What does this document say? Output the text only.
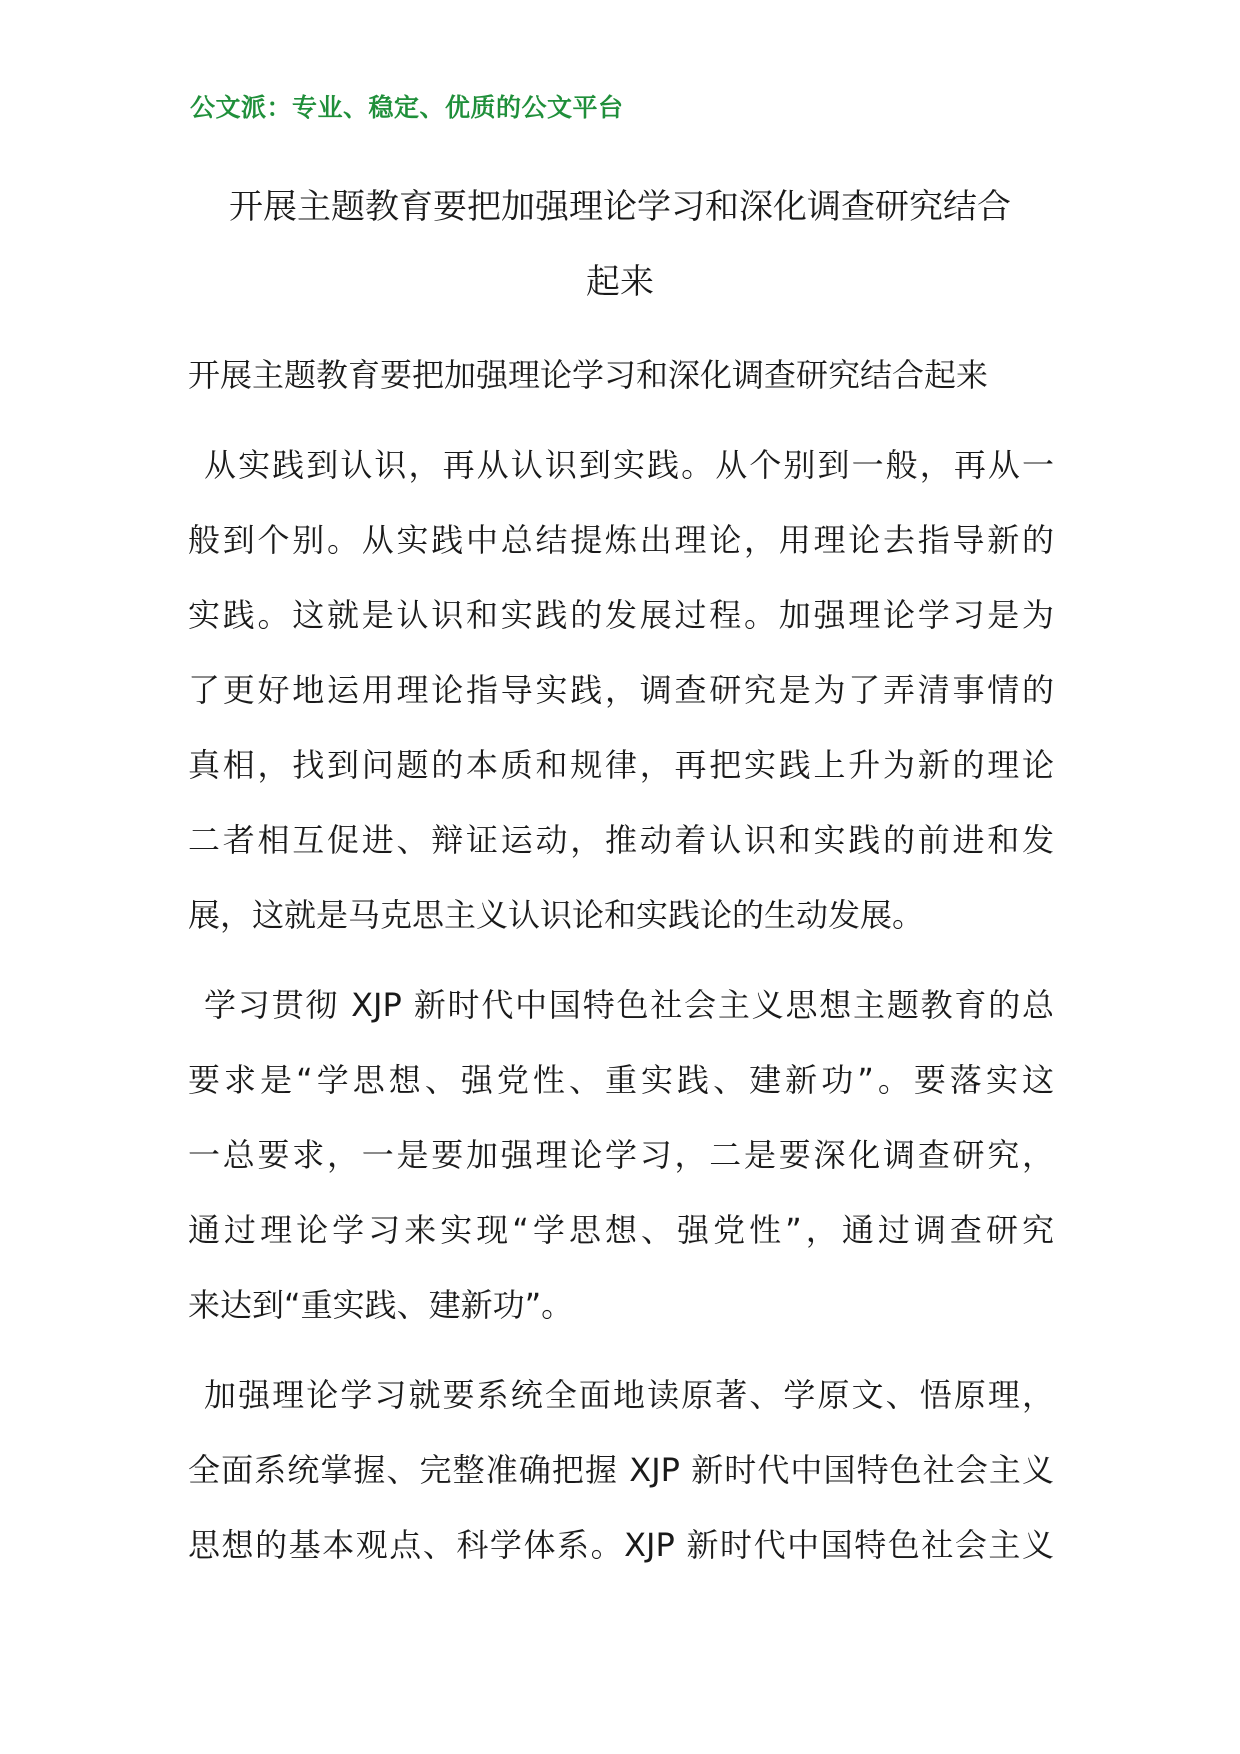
公文派：专业、稳定、优质的公文平台
开展主题教育要把加强理论学习和深化调查研究结合
起来

开展主题教育要把加强理论学习和深化调查研究结合起来

从实践到认识，再从认识到实践。从个别到一般，再从一
般到个别。从实践中总结提炼出理论，用理论去指导新的
实践。这就是认识和实践的发展过程。加强理论学习是为
了更好地运用理论指导实践，调查研究是为了弄清事情的
真相，找到问题的本质和规律，再把实践上升为新的理论
二者相互促进、辩证运动，推动着认识和实践的前进和发
展，这就是马克思主义认识论和实践论的生动发展。
学习贯彻 XJP 新时代中国特色社会主义思想主题教育的总
要求是“学思想、强党性、重实践、建新功”。要落实这
一总要求，一是要加强理论学习，二是要深化调查研究，
通过理论学习来实现“学思想、强党性”，通过调查研究
来达到“重实践、建新功”。
加强理论学习就要系统全面地读原著、学原文、悟原理，
全面系统掌握、完整准确把握 XJP 新时代中国特色社会主义
思想的基本观点、科学体系。XJP 新时代中国特色社会主义
